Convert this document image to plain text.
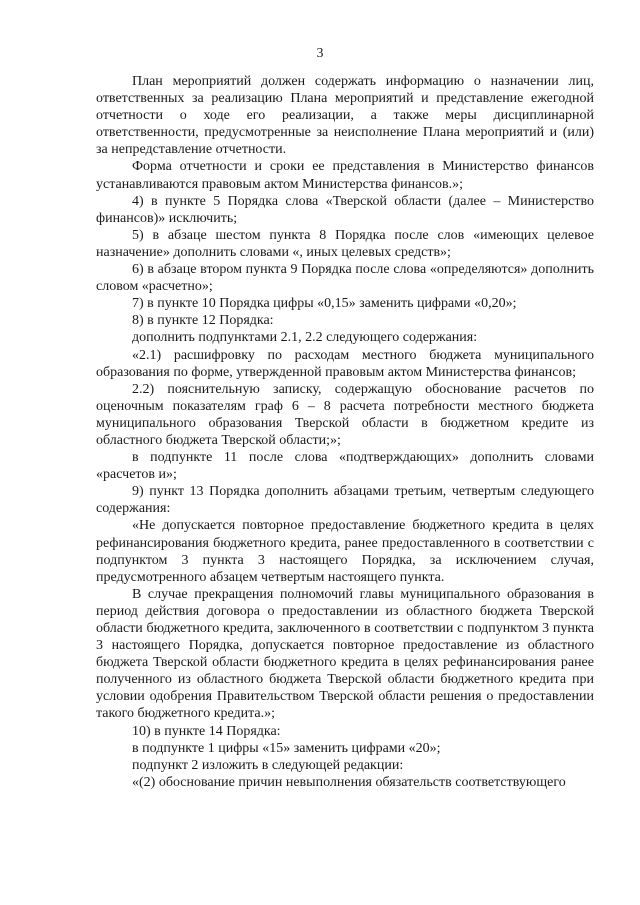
3

План мероприятий должен содержать информацию о назначении лиц, ответственных за реализацию Плана мероприятий и представление ежегодной отчетности о ходе его реализации, а также меры дисциплинарной ответственности, предусмотренные за неисполнение Плана мероприятий и (или) за непредставление отчетности.

Форма отчетности и сроки ее представления в Министерство финансов устанавливаются правовым актом Министерства финансов.»;

4) в пункте 5 Порядка слова «Тверской области (далее – Министерство финансов)» исключить;

5) в абзаце шестом пункта 8 Порядка после слов «имеющих целевое назначение» дополнить словами «, иных целевых средств»;

6) в абзаце втором пункта 9 Порядка после слова «определяются» дополнить словом «расчетно»;

7) в пункте 10 Порядка цифры «0,15» заменить цифрами «0,20»;

8) в пункте 12 Порядка:

дополнить подпунктами 2.1, 2.2 следующего содержания:

«2.1) расшифровку по расходам местного бюджета муниципального образования по форме, утвержденной правовым актом Министерства финансов;

2.2) пояснительную записку, содержащую обоснование расчетов по оценочным показателям граф 6 – 8 расчета потребности местного бюджета муниципального образования Тверской области в бюджетном кредите из областного бюджета Тверской области;»;

в подпункте 11 после слова «подтверждающих» дополнить словами «расчетов и»;

9) пункт 13 Порядка дополнить абзацами третьим, четвертым следующего содержания:

«Не допускается повторное предоставление бюджетного кредита в целях рефинансирования бюджетного кредита, ранее предоставленного в соответствии с подпунктом 3 пункта 3 настоящего Порядка, за исключением случая, предусмотренного абзацем четвертым настоящего пункта.

В случае прекращения полномочий главы муниципального образования в период действия договора о предоставлении из областного бюджета Тверской области бюджетного кредита, заключенного в соответствии с подпунктом 3 пункта 3 настоящего Порядка, допускается повторное предоставление из областного бюджета Тверской области бюджетного кредита в целях рефинансирования ранее полученного из областного бюджета Тверской области бюджетного кредита при условии одобрения Правительством Тверской области решения о предоставлении такого бюджетного кредита.»;

10) в пункте 14 Порядка:

в подпункте 1 цифры «15» заменить цифрами «20»;

подпункт 2 изложить в следующей редакции:

«(2) обоснование причин невыполнения обязательств соответствующего
